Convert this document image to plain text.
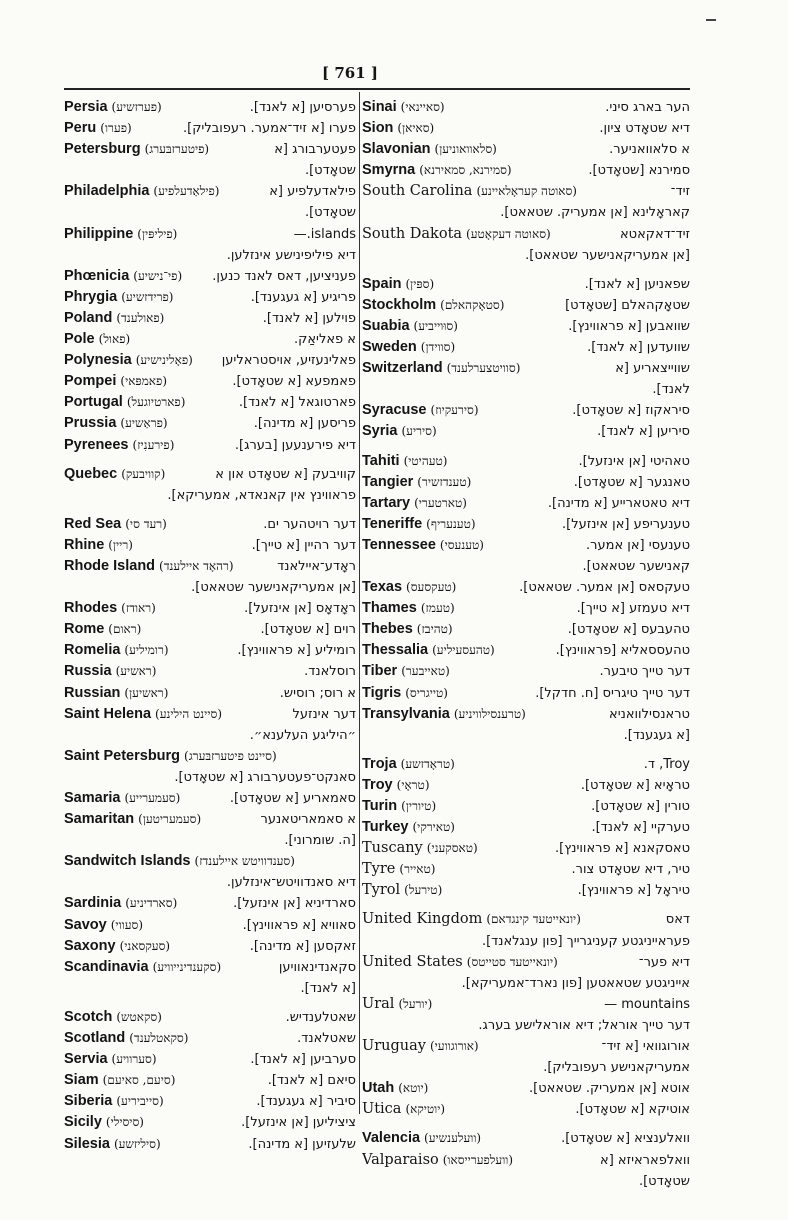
[ 761 ]
Persia (פערזשיע)	פערסיען [א לאנד].
Peru (פערו)	פערו [א זיד־אמער. רעפובליק].
Petersburg (פיטערזבּערג)	פעטערבורג [א
שטאָדט].
Philadelphia (פילאַדעלפיע)	פילאדעלפיע [א
שטאָדט].
Philippine (פיליפּין)	islands.—
דיא פיליפינישע אינזלען.
Phœnicia (פי־נישיע) פעניציען, דאס לאנד כנען.
Phrygia (פרידזשיע)	פריגיע [א געגענד].
Poland (פאולענד)	פוילען [א לאנד].
Pole (פאול)	א פאליאַק.
Polynesia (פאָלינישיע) פאלינעזיע, אויסטראליען
Pompei (פאמפּאי)	פאמפעא [א שטאָדט].
Portugal (פארטיוגעל)	פארטוגאל [א לאנד].
Prussia (פראַשיע)	פריסען [א מדינה].
Pyrenees (פירענִיז)	דיא פירענעען [בערג].
Quebec (קוויבעק)	קוויבעק [א שטאָדט און א
פראווינץ אין קאנאדא, אמעריקא].
Red Sea (רעד סי)	דער רויטהער ים.
Rhine (ריין)	דער רהיין [א טייך].
Rhode Island (רהאָד איילענד)	ראָדע־איילאנד
[אן אמעריקאנישער שטאאט].
Rhodes (ראודז)	ראָדאָס [אן אינזעל].
Rome (ראום)	רוים [א שטאָדט].
Romelia (רומיליע)	רומיליע [א פראווינץ].
Russia (ראשיע)	רוסלאנד.
Russian (ראשיען)	א רוס; רוסיש.
Saint Helena (סיינט הילינע)	דער אינזעל
״היליגע העלענא״.
Saint Petersburg (סיינט פיטערזבּערג)
סאנקט־פעטערבורג [א שטאָדט].
Samaria (סעמערייע)	סאמאריע [א שטאָדט].
Samaritan (סעמעריטען)	א סאמאריטאנער
[ה. שומרוני].
Sandwitch Islands (סענדוויטש איילענדז)
דיא סאנדוויטש־אינזלען.
Sardinia (סארדיניע)	סארדיניא [אן אינזעל].
Savoy (סעווי)	סאוויא [א פראווינץ].
Saxony (סעקסאני)	זאקסען [א מדינה].
Scandinavia (סקענדינייוויע)	סקאנדינאוויען
[א לאנד].
Scotch (סקאטש)	שאטלענדיש.
Scotland (סקאטלענד)	שאטלאנד.
Servia (סערוויע)	סערביען [א לאנד].
Siam (סיעם, סאיעם)	סיאם [א לאנד].
Siberia (סייביריע)	סיביר [א געגענד].
Sicily (סיסילי)	ציציליען [אן אינזעל].
Silesia (סיליזשע)	שלעזיען [א מדינה].
Sinai (סאיינאי)	הער בארג סיני.
Sion (סאיאן)	דיא שטאָדט ציון.
Slavonian (סלאוואוניען)	א סלאוואניער.
Smyrna (סמירנא, סמאירנא)	סמירנא [שטאָדט].
South Carolina (סאוטה קעראָלאיינע)	זיד־
קאראָלינא [אן אמעריק. שטאאט].
South Dakota (סאוטה דעקאָטע)	זיד־דאקאטא
[אן אמעריקאנישער שטאאט].
Spain (ספּין)	שפאניען [א לאנד].
Stockholm (סטאָקהאלם)	שטאָקהאלם [שטאָדט]
Suabia (סוּוייביע)	שוואבען [א פראווינץ].
Sweden (סווידן)	שוועדען [א לאנד].
Switzerland (סוויטצערלענד)	שווייצאריע [א
לאנד].
Syracuse (סירעקיוז)	סיראקוז [א שטאָדט].
Syria (סיריע)	סיריען [א לאנד].
Tahiti (טעהיטי)	טאהיטי [אן אינזעל].
Tangier (טענדזשיר)	טאנגער [א שטאָדט].
Tartary (טארטערי)	דיא טאטארייע [א מדינה].
Teneriffe (טענעריף)	טענעריפע [אן אינזעל].
Tennessee (טענעסי)	טענעסי [אן אמער.
קאנישער שטאאט].
Texas (טעקסעס)	טעקסאס [אן אמער. שטאאט].
Thames (טעמז)	דיא טעמזע [א טייך].
Thebes (טהיבז)	טהעבעס [א שטאָדט].
Thessalia (טהעסעיליע)	טהעססאליא [פראווינץ].
Tiber (טאייבער)	דער טייך טיבער.
Tigris (טייגריס)	דער טייך טיגריס [ח. חדקל].
Transylvania (טרענסילוויניע)	טראנסילוואניא
[א געגענד].
Troja (טראָדזשע)	Troy, ד.
Troy (טראָי)	טראָיא [א שטאָדט].
Turin (טיורין)	טורין [א שטאָדט].
Turkey (טאירקי)	טערקיי [א לאנד].
Tuscany (טאסקעני)	טאסקאנא [א פראווינץ].
Tyre (טאייר)	טיר, דיא שטאָדט צור.
Tyrol (טירעל)	טיראָל [א פראווינץ].
United Kingdom (יונאייטעד קינגדאם)	דאס
פעראייניגטע קעניגרייך [פון ענגלאנד].
United States (יונאייטעד סטייטס)	דיא פער־
אייניגטע שטאאטען [פון נארד־אמעריקא].
Ural (יורעל)	mountains —
דער טייך אוראל; דיא אוראלישע בערג.
Uruguay (אורוגוועי)	אורוגוואי [א זיד־
אמעריקאנישע רעפובליק].
Utah (יוטא)	אוטא [אן אמעריק. שטאאט].
Utica (יוטיקא)	אוטיקא [א שטאָדט].
Valencia (וועלענשיע)	וואלענציא [א שטאָדט].
Valparaiso (וועלפערייסאו)	וואלפאראיזא [א
שטאָדט].
